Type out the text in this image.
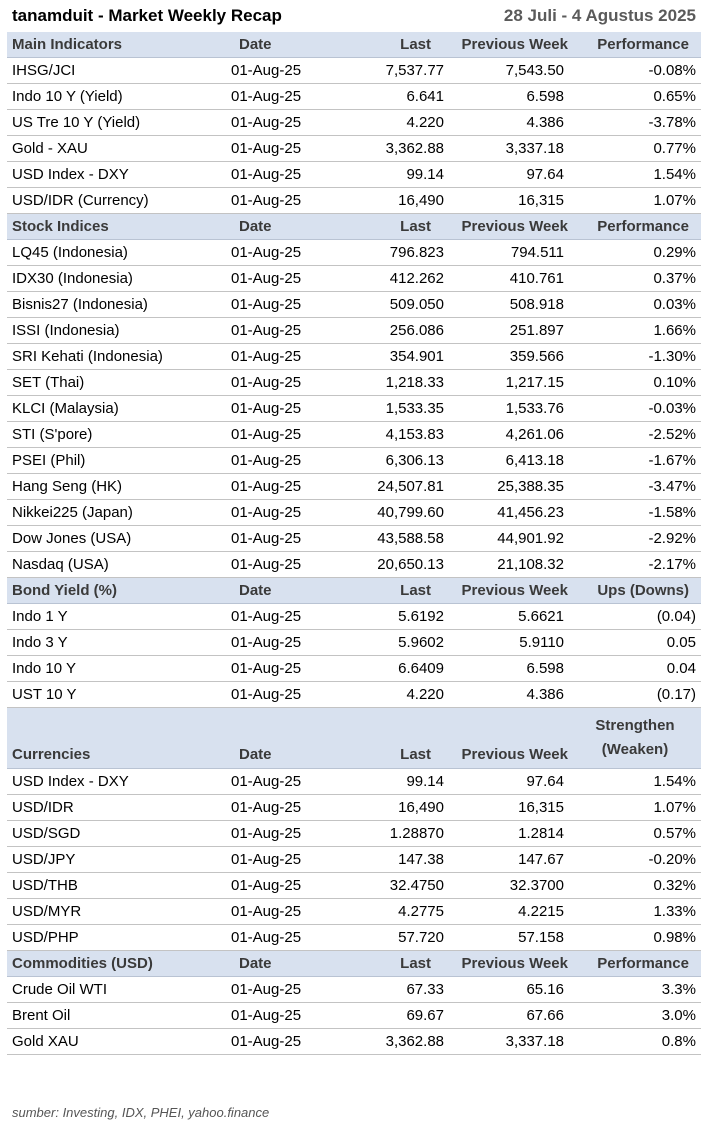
tanamduit - Market Weekly Recap	28 Juli - 4 Agustus 2025
Main Indicators	Date	Last	Previous Week	Performance
IHSG/JCI	01-Aug-25	7,537.77	7,543.50	-0.08%
Indo 10 Y (Yield)	01-Aug-25	6.641	6.598	0.65%
US Tre 10 Y (Yield)	01-Aug-25	4.220	4.386	-3.78%
Gold - XAU	01-Aug-25	3,362.88	3,337.18	0.77%
USD Index - DXY	01-Aug-25	99.14	97.64	1.54%
USD/IDR (Currency)	01-Aug-25	16,490	16,315	1.07%
Stock Indices	Date	Last	Previous Week	Performance
LQ45 (Indonesia)	01-Aug-25	796.823	794.511	0.29%
IDX30 (Indonesia)	01-Aug-25	412.262	410.761	0.37%
Bisnis27 (Indonesia)	01-Aug-25	509.050	508.918	0.03%
ISSI (Indonesia)	01-Aug-25	256.086	251.897	1.66%
SRI Kehati (Indonesia)	01-Aug-25	354.901	359.566	-1.30%
SET (Thai)	01-Aug-25	1,218.33	1,217.15	0.10%
KLCI (Malaysia)	01-Aug-25	1,533.35	1,533.76	-0.03%
STI (S'pore)	01-Aug-25	4,153.83	4,261.06	-2.52%
PSEI (Phil)	01-Aug-25	6,306.13	6,413.18	-1.67%
Hang Seng (HK)	01-Aug-25	24,507.81	25,388.35	-3.47%
Nikkei225 (Japan)	01-Aug-25	40,799.60	41,456.23	-1.58%
Dow Jones (USA)	01-Aug-25	43,588.58	44,901.92	-2.92%
Nasdaq (USA)	01-Aug-25	20,650.13	21,108.32	-2.17%
Bond Yield (%)	Date	Last	Previous Week	Ups (Downs)
Indo 1 Y	01-Aug-25	5.6192	5.6621	(0.04)
Indo 3 Y	01-Aug-25	5.9602	5.9110	0.05
Indo 10 Y	01-Aug-25	6.6409	6.598	0.04
UST 10 Y	01-Aug-25	4.220	4.386	(0.17)
Currencies	Date	Last	Previous Week	Strengthen
(Weaken)

USD Index - DXY	01-Aug-25	99.14	97.64	1.54%
USD/IDR	01-Aug-25	16,490	16,315	1.07%
USD/SGD	01-Aug-25	1.28870	1.2814	0.57%
USD/JPY	01-Aug-25	147.38	147.67	-0.20%
USD/THB	01-Aug-25	32.4750	32.3700	0.32%
USD/MYR	01-Aug-25	4.2775	4.2215	1.33%
USD/PHP	01-Aug-25	57.720	57.158	0.98%
Commodities (USD)	Date	Last	Previous Week	Performance
Crude Oil WTI	01-Aug-25	67.33	65.16	3.3%
Brent Oil	01-Aug-25	69.67	67.66	3.0%
Gold XAU	01-Aug-25	3,362.88	3,337.18	0.8%
sumber: Investing, IDX, PHEI, yahoo.finance
